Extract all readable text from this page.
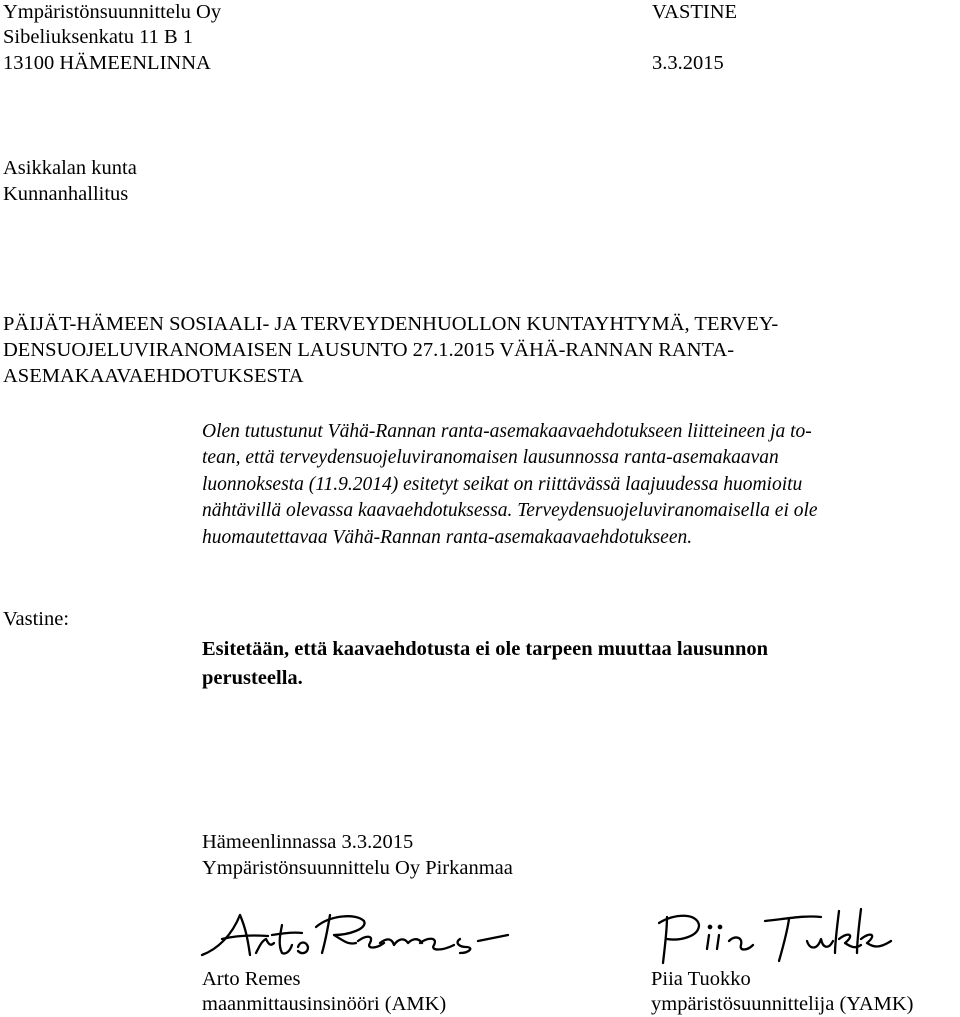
Ympäristönsuunnittelu Oy

Sibeliuksenkatu 11 B 1

13100 HÄMEENLINNA

VASTINE

3.3.2015

Asikkalan kunta

Kunnanhallitus

PÄIJÄT-HÄMEEN SOSIAALI- JA TERVEYDENHUOLLON KUNTAYHTYMÄ, TERVEY-

DENSUOJELUVIRANOMAISEN LAUSUNTO 27.1.2015 VÄHÄ-RANNAN RANTA-

ASEMAKAAVAEHDOTUKSESTA

Olen tutustunut Vähä-Rannan ranta-asemakaavaehdotukseen liitteineen ja to-
tean, että terveydensuojeluviranomaisen lausunnossa ranta-asemakaavan
luonnoksesta (11.9.2014) esitetyt seikat on riittävässä laajuudessa huomioitu
nähtävillä olevassa kaavaehdotuksessa. Terveydensuojeluviranomaisella ei ole
huomautettavaa Vähä-Rannan ranta-asemakaavaehdotukseen.

Vastine:

Esitetään, että kaavaehdotusta ei ole tarpeen muuttaa lausunnon

perusteella.

Hämeenlinnassa 3.3.2015

Ympäristönsuunnittelu Oy Pirkanmaa

Arto Remes

maanmittausinsinööri (AMK)

Piia Tuokko

ympäristösuunnittelija (YAMK)
